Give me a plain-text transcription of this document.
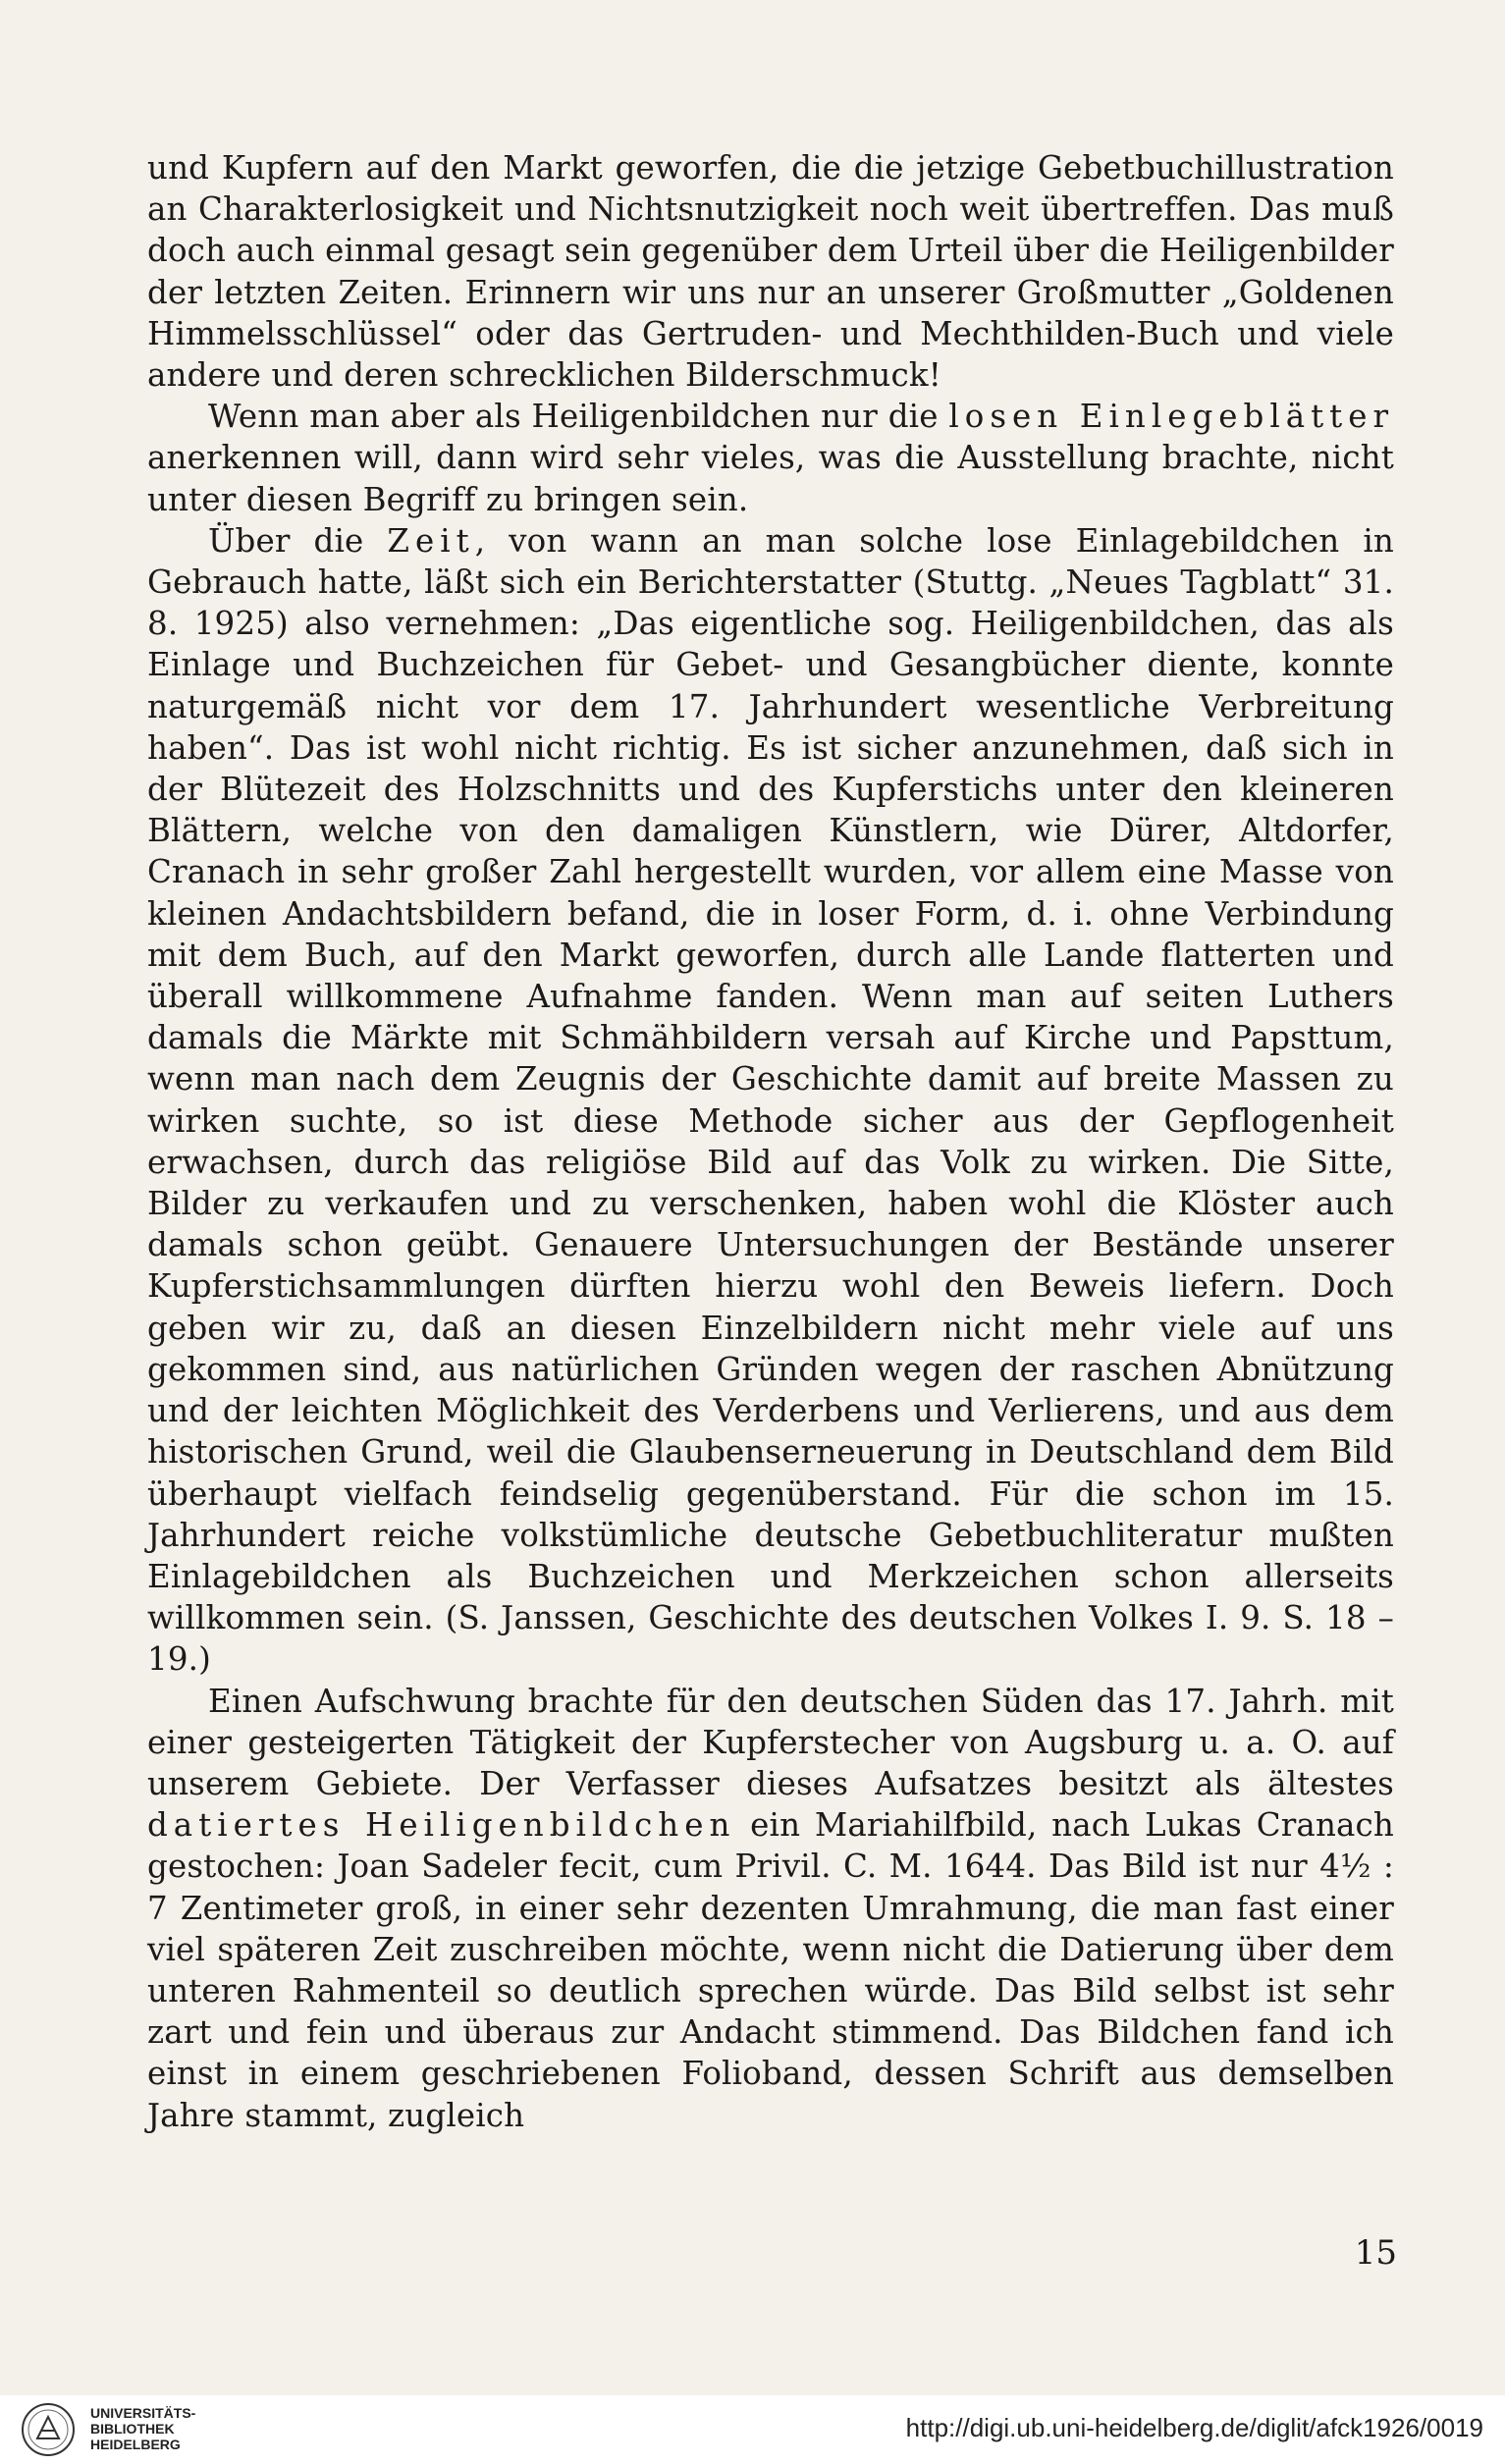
und Kupfern auf den Markt geworfen, die die jetzige Gebetbuchillustration an Charakterlosigkeit und Nichtsnutzigkeit noch weit übertreffen. Das muß doch auch einmal gesagt sein gegenüber dem Urteil über die Heiligenbilder der letzten Zeiten. Erinnern wir uns nur an unserer Großmutter „Goldenen Himmelsschlüssel“ oder das Gertruden- und Mechthilden-Buch und viele andere und deren schrecklichen Bilderschmuck!

Wenn man aber als Heiligenbildchen nur die losen Einlegeblätter anerkennen will, dann wird sehr vieles, was die Ausstellung brachte, nicht unter diesen Begriff zu bringen sein.

Über die Zeit, von wann an man solche lose Einlagebildchen in Gebrauch hatte, läßt sich ein Berichterstatter (Stuttg. „Neues Tagblatt“ 31. 8. 1925) also vernehmen: „Das eigentliche sog. Heiligenbildchen, das als Einlage und Buchzeichen für Gebet- und Gesangbücher diente, konnte naturgemäß nicht vor dem 17. Jahrhundert wesentliche Verbreitung haben“. Das ist wohl nicht richtig. Es ist sicher anzunehmen, daß sich in der Blütezeit des Holzschnitts und des Kupferstichs unter den kleineren Blättern, welche von den damaligen Künstlern, wie Dürer, Altdorfer, Cranach in sehr großer Zahl hergestellt wurden, vor allem eine Masse von kleinen Andachtsbildern befand, die in loser Form, d. i. ohne Verbindung mit dem Buch, auf den Markt geworfen, durch alle Lande flatterten und überall willkommene Aufnahme fanden. Wenn man auf seiten Luthers damals die Märkte mit Schmähbildern versah auf Kirche und Papsttum, wenn man nach dem Zeugnis der Geschichte damit auf breite Massen zu wirken suchte, so ist diese Methode sicher aus der Gepflogenheit erwachsen, durch das religiöse Bild auf das Volk zu wirken. Die Sitte, Bilder zu verkaufen und zu verschenken, haben wohl die Klöster auch damals schon geübt. Genauere Untersuchungen der Bestände unserer Kupferstichsammlungen dürften hierzu wohl den Beweis liefern. Doch geben wir zu, daß an diesen Einzelbildern nicht mehr viele auf uns gekommen sind, aus natürlichen Gründen wegen der raschen Abnützung und der leichten Möglichkeit des Verderbens und Verlierens, und aus dem historischen Grund, weil die Glaubenserneuerung in Deutschland dem Bild überhaupt vielfach feindselig gegenüberstand. Für die schon im 15. Jahrhundert reiche volkstümliche deutsche Gebetbuchliteratur mußten Einlagebildchen als Buchzeichen und Merkzeichen schon allerseits willkommen sein. (S. Janssen, Geschichte des deutschen Volkes I. 9. S. 18 – 19.)

Einen Aufschwung brachte für den deutschen Süden das 17. Jahrh. mit einer gesteigerten Tätigkeit der Kupferstecher von Augsburg u. a. O. auf unserem Gebiete. Der Verfasser dieses Aufsatzes besitzt als ältestes datiertes Heiligenbildchen ein Mariahilfbild, nach Lukas Cranach gestochen: Joan Sadeler fecit, cum Privil. C. M. 1644. Das Bild ist nur 4½ : 7 Zentimeter groß, in einer sehr dezenten Umrahmung, die man fast einer viel späteren Zeit zuschreiben möchte, wenn nicht die Datierung über dem unteren Rahmenteil so deutlich sprechen würde. Das Bild selbst ist sehr zart und fein und überaus zur Andacht stimmend. Das Bildchen fand ich einst in einem geschriebenen Folioband, dessen Schrift aus demselben Jahre stammt, zugleich

15
UNIVERSITÄTS-
BIBLIOTHEK
HEIDELBERG
http://digi.ub.uni-heidelberg.de/diglit/afck1926/0019
